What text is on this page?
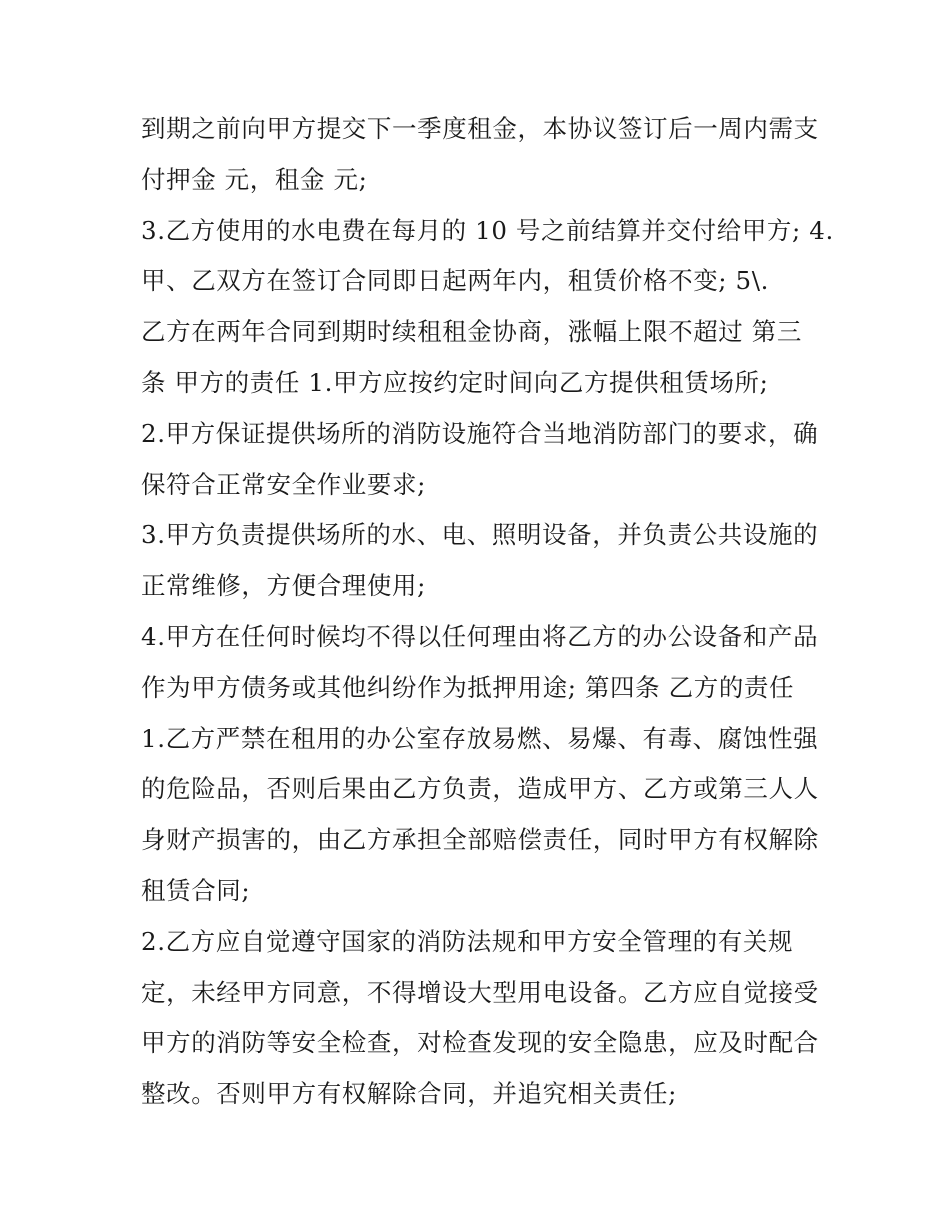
到期之前向甲方提交下一季度租金，本协议签订后一周内需支
付押金 元，租金 元;
3.乙方使用的水电费在每月的 10 号之前结算并交付给甲方; 4.
甲、乙双方在签订合同即日起两年内，租赁价格不变; 5\.
乙方在两年合同到期时续租租金协商，涨幅上限不超过 第三
条 甲方的责任 1.甲方应按约定时间向乙方提供租赁场所;
2.甲方保证提供场所的消防设施符合当地消防部门的要求，确
保符合正常安全作业要求;
3.甲方负责提供场所的水、电、照明设备，并负责公共设施的
正常维修，方便合理使用;
4.甲方在任何时候均不得以任何理由将乙方的办公设备和产品
作为甲方债务或其他纠纷作为抵押用途; 第四条 乙方的责任
1.乙方严禁在租用的办公室存放易燃、易爆、有毒、腐蚀性强
的危险品，否则后果由乙方负责，造成甲方、乙方或第三人人
身财产损害的，由乙方承担全部赔偿责任，同时甲方有权解除
租赁合同;
2.乙方应自觉遵守国家的消防法规和甲方安全管理的有关规
定，未经甲方同意，不得增设大型用电设备。乙方应自觉接受
甲方的消防等安全检查，对检查发现的安全隐患，应及时配合
整改。否则甲方有权解除合同，并追究相关责任;
